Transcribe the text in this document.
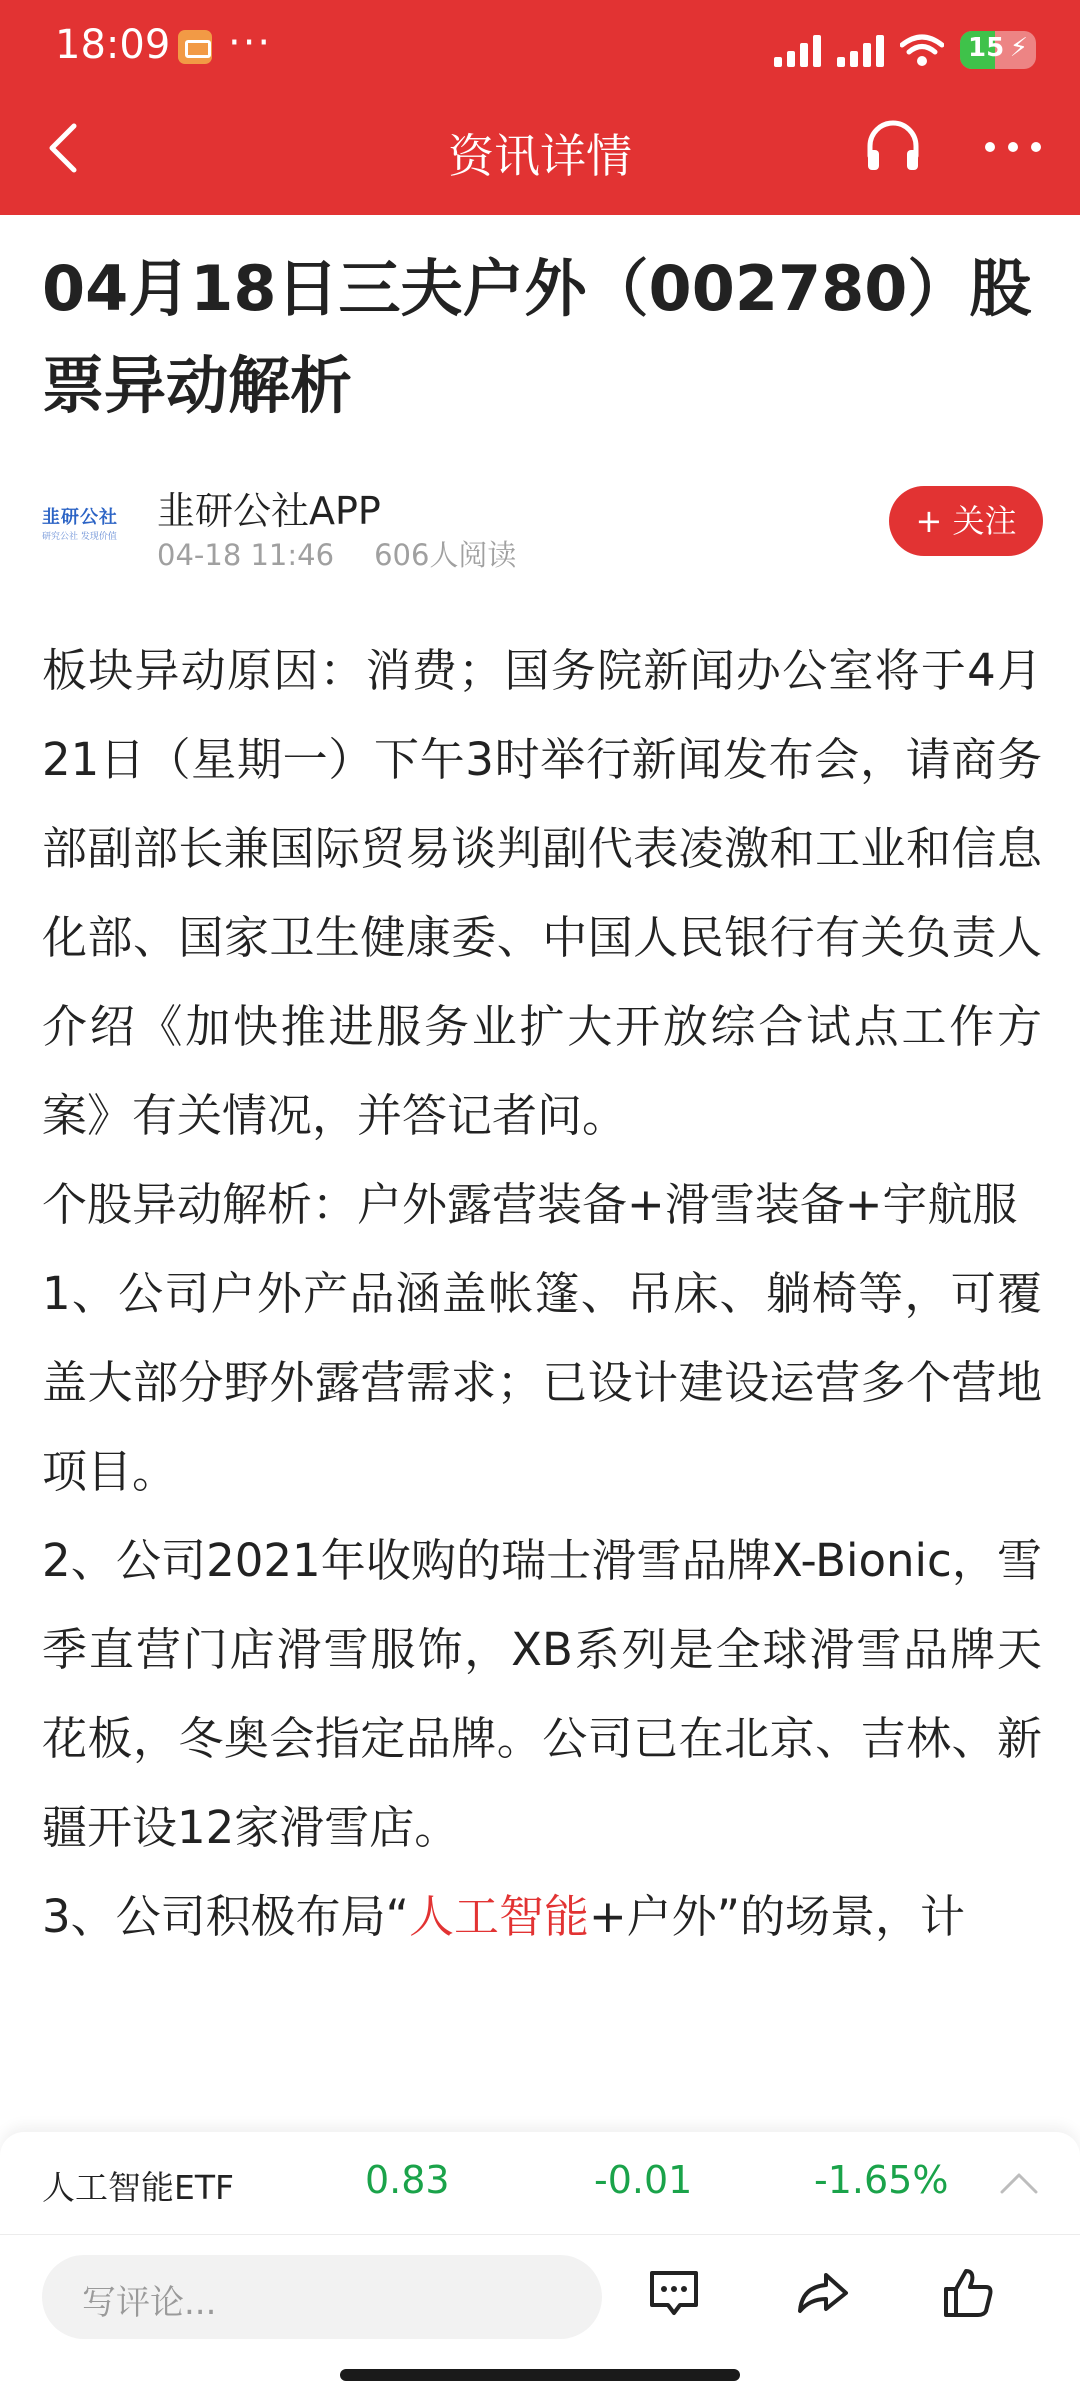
18:09 ···	15 ⚡
资讯详情
04月18日三夫户外（002780）股票异动解析
韭研公社
研究公社 发现价值
韭研公社APP
04-18 11:46 606人阅读
+ 关注

板块异动原因：消费；国务院新闻办公室将于4月21日（星期一）下午3时举行新闻发布会，请商务部副部长兼国际贸易谈判副代表凌激和工业和信息化部、国家卫生健康委、中国人民银行有关负责人介绍《加快推进服务业扩大开放综合试点工作方案》有关情况，并答记者问。

个股异动解析：户外露营装备+滑雪装备+宇航服

1、公司户外产品涵盖帐篷、吊床、躺椅等，可覆盖大部分野外露营需求；已设计建设运营多个营地项目。

2、公司2021年收购的瑞士滑雪品牌X-Bionic，雪季直营门店滑雪服饰，XB系列是全球滑雪品牌天花板，冬奥会指定品牌。公司已在北京、吉林、新疆开设12家滑雪店。

3、公司积极布局“人工智能+户外”的场景，计

人工智能ETF	0.83	-0.01	-1.65%
写评论...
